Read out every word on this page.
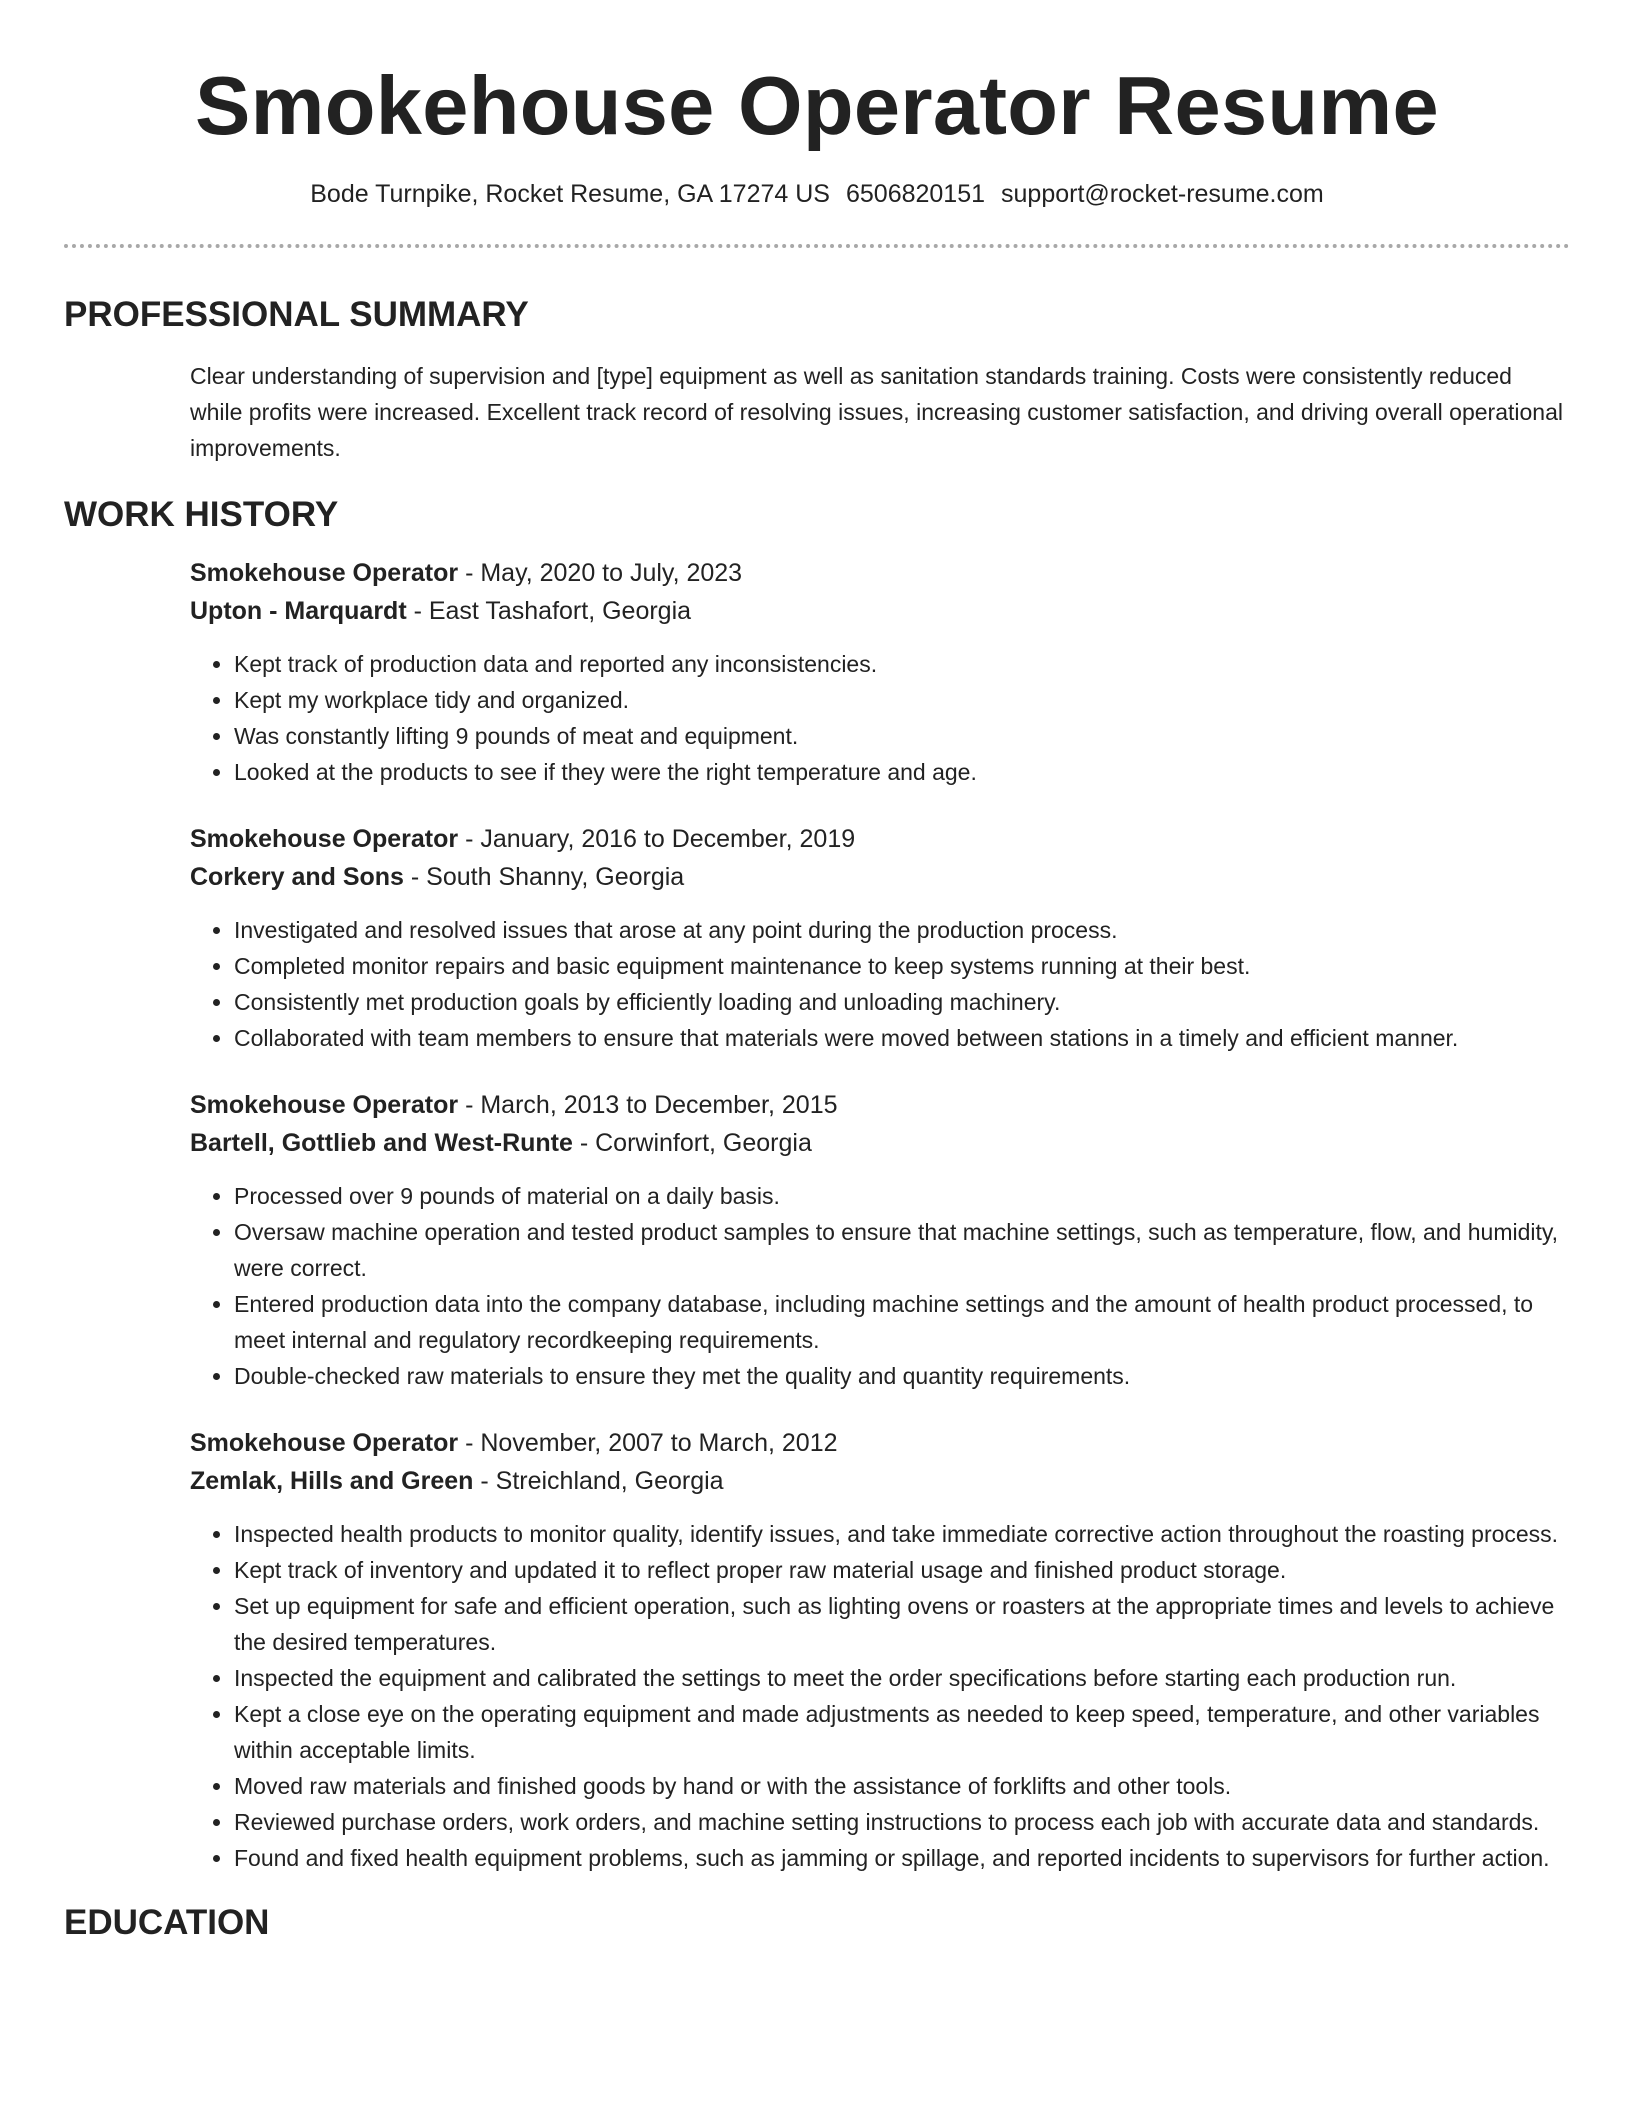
Smokehouse Operator Resume
Bode Turnpike, Rocket Resume, GA 17274 US 6506820151 support@rocket-resume.com
PROFESSIONAL SUMMARY

Clear understanding of supervision and [type] equipment as well as sanitation standards training. Costs were consistently reduced while profits were increased. Excellent track record of resolving issues, increasing customer satisfaction, and driving overall operational improvements.

WORK HISTORY
Smokehouse Operator - May, 2020 to July, 2023
Upton - Marquardt - East Tashafort, Georgia
• Kept track of production data and reported any inconsistencies.
• Kept my workplace tidy and organized.
• Was constantly lifting 9 pounds of meat and equipment.
• Looked at the products to see if they were the right temperature and age.
Smokehouse Operator - January, 2016 to December, 2019
Corkery and Sons - South Shanny, Georgia
• Investigated and resolved issues that arose at any point during the production process.
• Completed monitor repairs and basic equipment maintenance to keep systems running at their best.
• Consistently met production goals by efficiently loading and unloading machinery.
• Collaborated with team members to ensure that materials were moved between stations in a timely and efficient manner.
Smokehouse Operator - March, 2013 to December, 2015
Bartell, Gottlieb and West-Runte - Corwinfort, Georgia
• Processed over 9 pounds of material on a daily basis.
• Oversaw machine operation and tested product samples to ensure that machine settings, such as temperature, flow, and humidity, were correct.
• Entered production data into the company database, including machine settings and the amount of health product processed, to meet internal and regulatory recordkeeping requirements.
• Double-checked raw materials to ensure they met the quality and quantity requirements.
Smokehouse Operator - November, 2007 to March, 2012
Zemlak, Hills and Green - Streichland, Georgia
• Inspected health products to monitor quality, identify issues, and take immediate corrective action throughout the roasting process.
• Kept track of inventory and updated it to reflect proper raw material usage and finished product storage.
• Set up equipment for safe and efficient operation, such as lighting ovens or roasters at the appropriate times and levels to achieve the desired temperatures.
• Inspected the equipment and calibrated the settings to meet the order specifications before starting each production run.
• Kept a close eye on the operating equipment and made adjustments as needed to keep speed, temperature, and other variables within acceptable limits.
• Moved raw materials and finished goods by hand or with the assistance of forklifts and other tools.
• Reviewed purchase orders, work orders, and machine setting instructions to process each job with accurate data and standards.
• Found and fixed health equipment problems, such as jamming or spillage, and reported incidents to supervisors for further action.
EDUCATION
